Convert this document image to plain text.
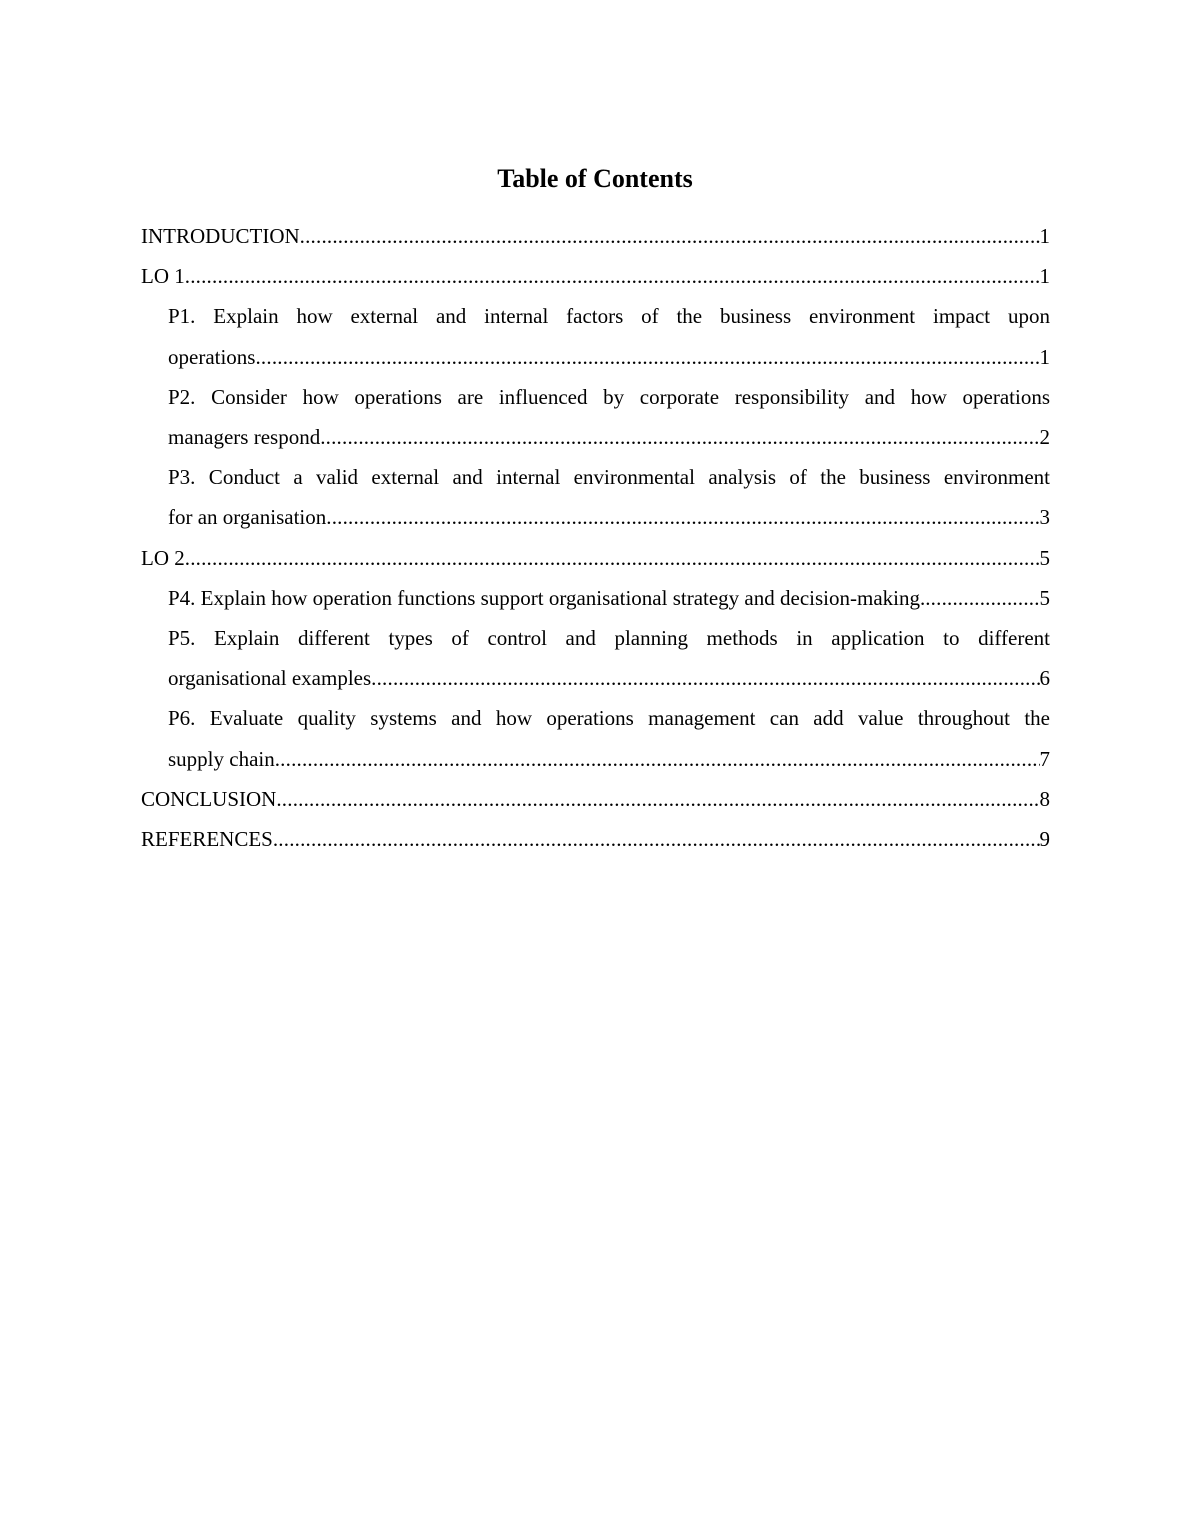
Table of Contents
INTRODUCTION .....	1
LO 1 .....	1
P1. Explain how external and internal factors of the business environment impact upon
operations .....	1
P2. Consider how operations are influenced by corporate responsibility and how operations
managers respond .....	2
P3. Conduct a valid external and internal environmental analysis of the business environment
for an organisation .....	3
LO 2 .....	5
P4. Explain how operation functions support organisational strategy and decision-making. .....	5
P5. Explain different types of control and planning methods in application to different
organisational examples .....	6
P6. Evaluate quality systems and how operations management can add value throughout the
supply chain .....	7
CONCLUSION .....	8
REFERENCES .....	9
